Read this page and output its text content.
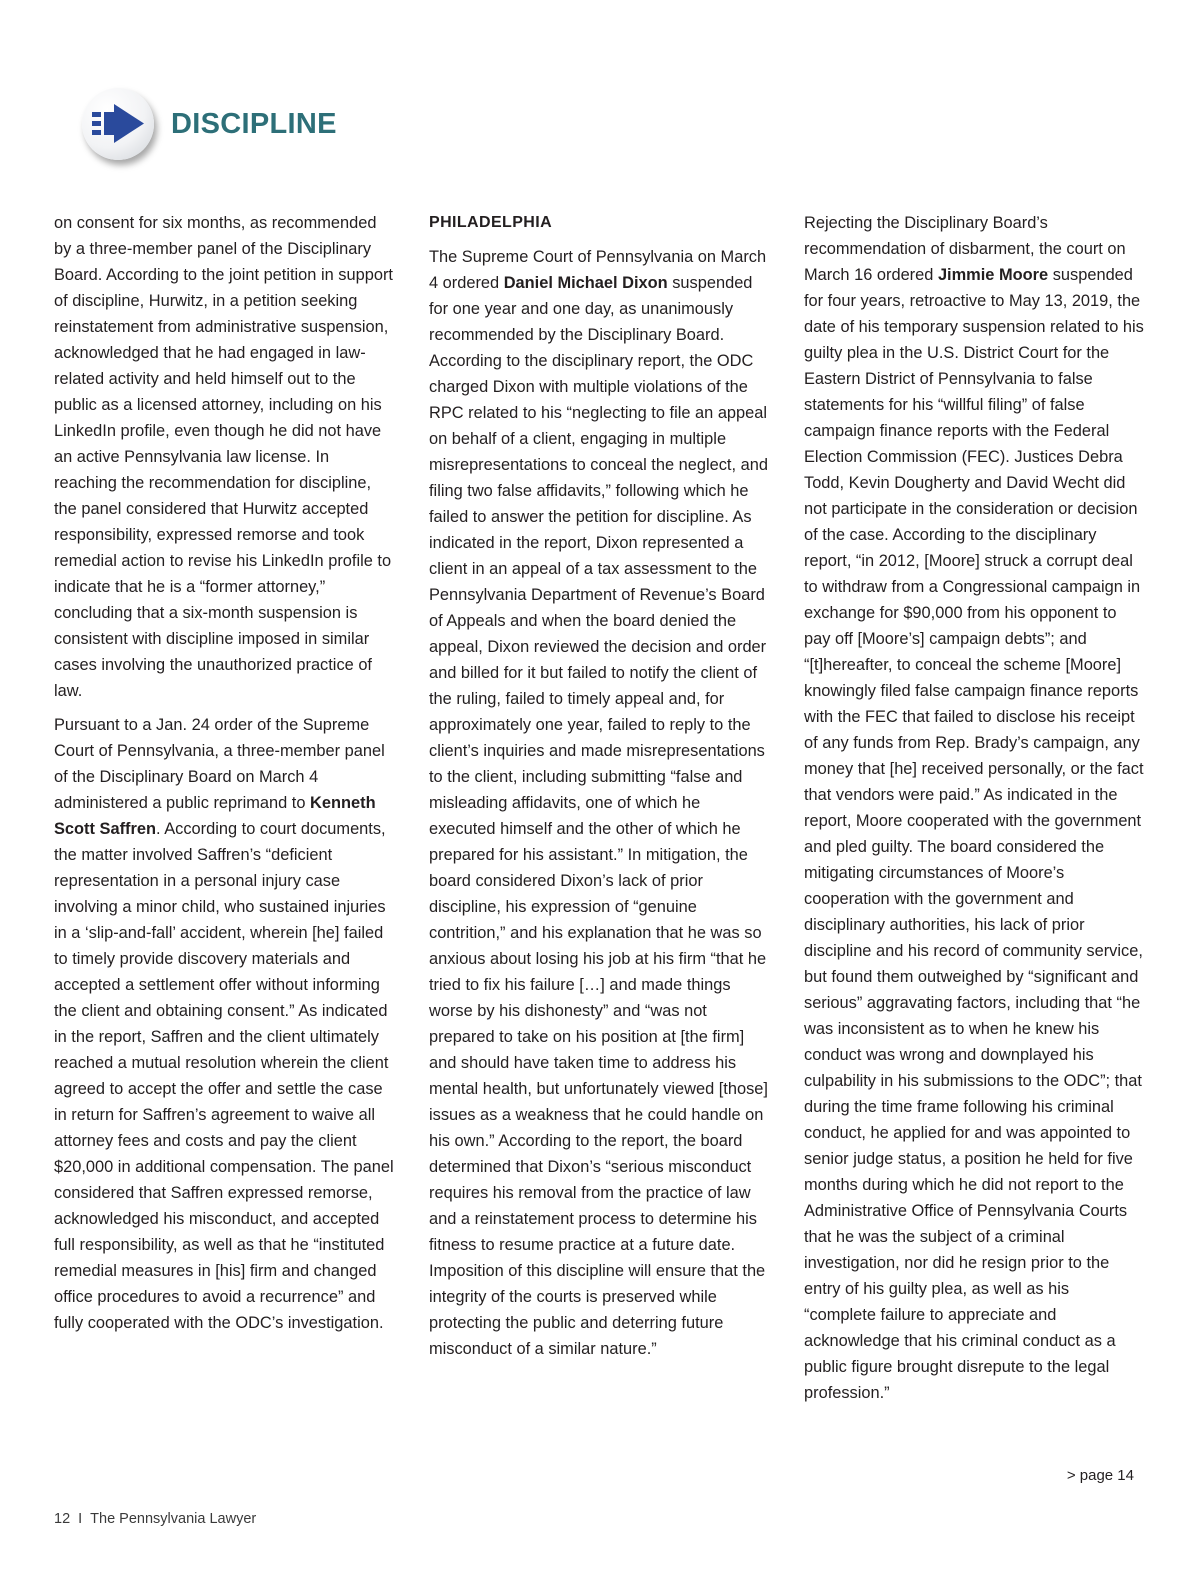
DISCIPLINE

on consent for six months, as recommended by a three-member panel of the Disciplinary Board. According to the joint petition in support of discipline, Hurwitz, in a petition seeking reinstatement from administrative suspension, acknowledged that he had engaged in law-related activity and held himself out to the public as a licensed attorney, including on his LinkedIn profile, even though he did not have an active Pennsylvania law license. In reaching the recommendation for discipline, the panel considered that Hurwitz accepted responsibility, expressed remorse and took remedial action to revise his LinkedIn profile to indicate that he is a “former attorney,” concluding that a six-month suspension is consistent with discipline imposed in similar cases involving the unauthorized practice of law.

Pursuant to a Jan. 24 order of the Supreme Court of Pennsylvania, a three-member panel of the Disciplinary Board on March 4 administered a public reprimand to Kenneth Scott Saffren. According to court documents, the matter involved Saffren’s “deficient representation in a personal injury case involving a minor child, who sustained injuries in a ‘slip-and-fall’ accident, wherein [he] failed to timely provide discovery materials and accepted a settlement offer without informing the client and obtaining consent.” As indicated in the report, Saffren and the client ultimately reached a mutual resolution wherein the client agreed to accept the offer and settle the case in return for Saffren’s agreement to waive all attorney fees and costs and pay the client $20,000 in additional compensation. The panel considered that Saffren expressed remorse, acknowledged his misconduct, and accepted full responsibility, as well as that he “instituted remedial measures in [his] firm and changed office procedures to avoid a recurrence” and fully cooperated with the ODC’s investigation.

PHILADELPHIA

The Supreme Court of Pennsylvania on March 4 ordered Daniel Michael Dixon suspended for one year and one day, as unanimously recommended by the Disciplinary Board. According to the disciplinary report, the ODC charged Dixon with multiple violations of the RPC related to his “neglecting to file an appeal on behalf of a client, engaging in multiple misrepresentations to conceal the neglect, and filing two false affidavits,” following which he failed to answer the petition for discipline. As indicated in the report, Dixon represented a client in an appeal of a tax assessment to the Pennsylvania Department of Revenue’s Board of Appeals and when the board denied the appeal, Dixon reviewed the decision and order and billed for it but failed to notify the client of the ruling, failed to timely appeal and, for approximately one year, failed to reply to the client’s inquiries and made misrepresentations to the client, including submitting “false and misleading affidavits, one of which he executed himself and the other of which he prepared for his assistant.” In mitigation, the board considered Dixon’s lack of prior discipline, his expression of “genuine contrition,” and his explanation that he was so anxious about losing his job at his firm “that he tried to fix his failure […] and made things worse by his dishonesty” and “was not prepared to take on his position at [the firm] and should have taken time to address his mental health, but unfortunately viewed [those] issues as a weakness that he could handle on his own.” According to the report, the board determined that Dixon’s “serious misconduct requires his removal from the practice of law and a reinstatement process to determine his fitness to resume practice at a future date. Imposition of this discipline will ensure that the integrity of the courts is preserved while protecting the public and deterring future misconduct of a similar nature.”

Rejecting the Disciplinary Board’s recommendation of disbarment, the court on March 16 ordered Jimmie Moore suspended for four years, retroactive to May 13, 2019, the date of his temporary suspension related to his guilty plea in the U.S. District Court for the Eastern District of Pennsylvania to false statements for his “willful filing” of false campaign finance reports with the Federal Election Commission (FEC). Justices Debra Todd, Kevin Dougherty and David Wecht did not participate in the consideration or decision of the case. According to the disciplinary report, “in 2012, [Moore] struck a corrupt deal to withdraw from a Congressional campaign in exchange for $90,000 from his opponent to pay off [Moore’s] campaign debts”; and “[t]hereafter, to conceal the scheme [Moore] knowingly filed false campaign finance reports with the FEC that failed to disclose his receipt of any funds from Rep. Brady’s campaign, any money that [he] received personally, or the fact that vendors were paid.” As indicated in the report, Moore cooperated with the government and pled guilty. The board considered the mitigating circumstances of Moore’s cooperation with the government and disciplinary authorities, his lack of prior discipline and his record of community service, but found them outweighed by “significant and serious” aggravating factors, including that “he was inconsistent as to when he knew his conduct was wrong and downplayed his culpability in his submissions to the ODC”; that during the time frame following his criminal conduct, he applied for and was appointed to senior judge status, a position he held for five months during which he did not report to the Administrative Office of Pennsylvania Courts that he was the subject of a criminal investigation, nor did he resign prior to the entry of his guilty plea, as well as his “complete failure to appreciate and acknowledge that his criminal conduct as a public figure brought disrepute to the legal profession.”

> page 14
12 I The Pennsylvania Lawyer
